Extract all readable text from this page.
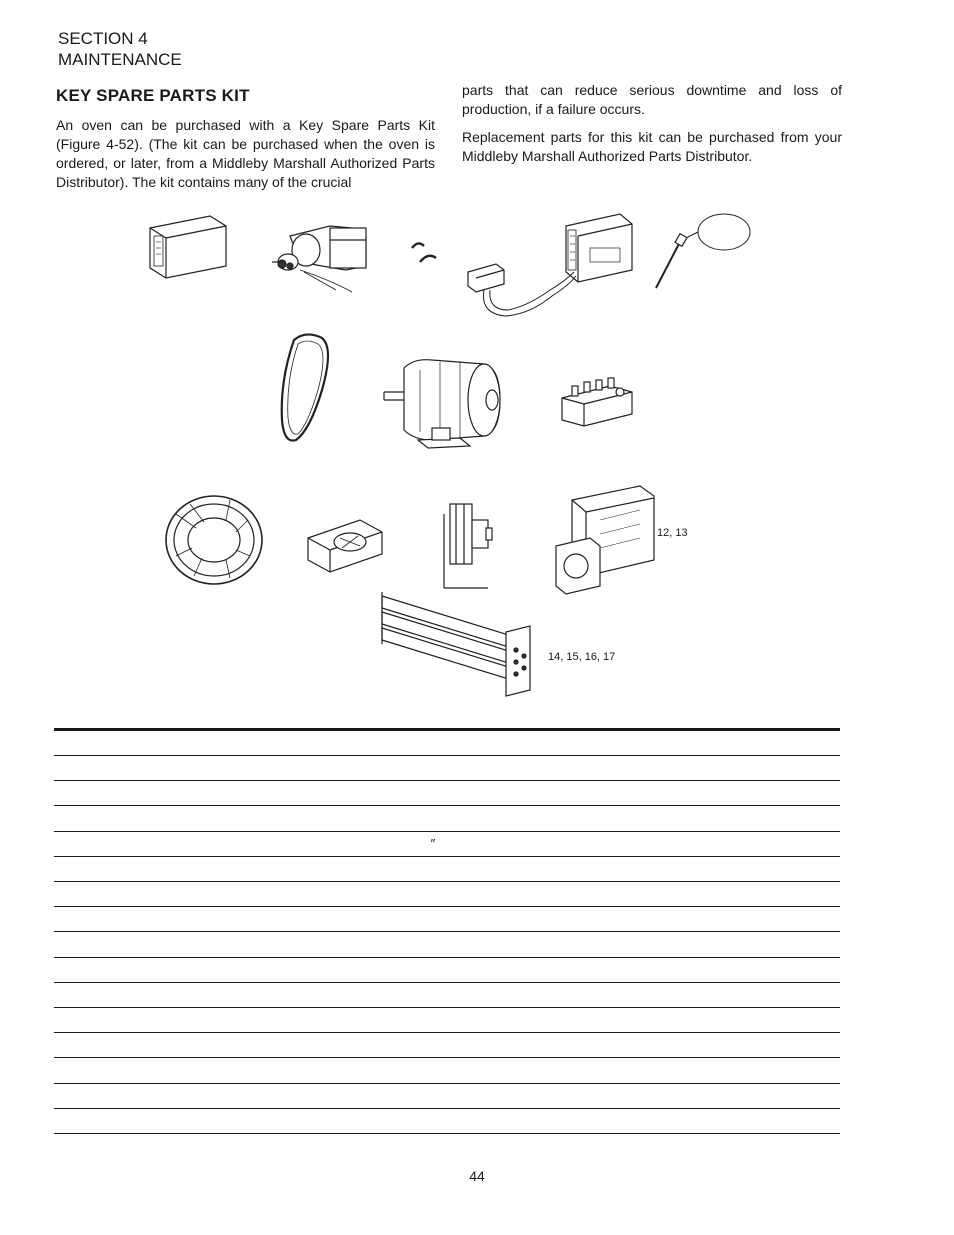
SECTION 4
MAINTENANCE
KEY SPARE PARTS KIT
An oven can be purchased with a Key Spare Parts Kit (Figure 4-52). (The kit can be purchased when the oven is ordered, or later, from a Middleby Marshall Authorized Parts Distributor). The kit contains many of the crucial
parts that can reduce serious downtime and loss of production, if a failure occurs.
Replacement parts for this kit can be purchased from your Middleby Marshall Authorized Parts Distributor.
12, 13
14, 15, 16, 17
″
44
